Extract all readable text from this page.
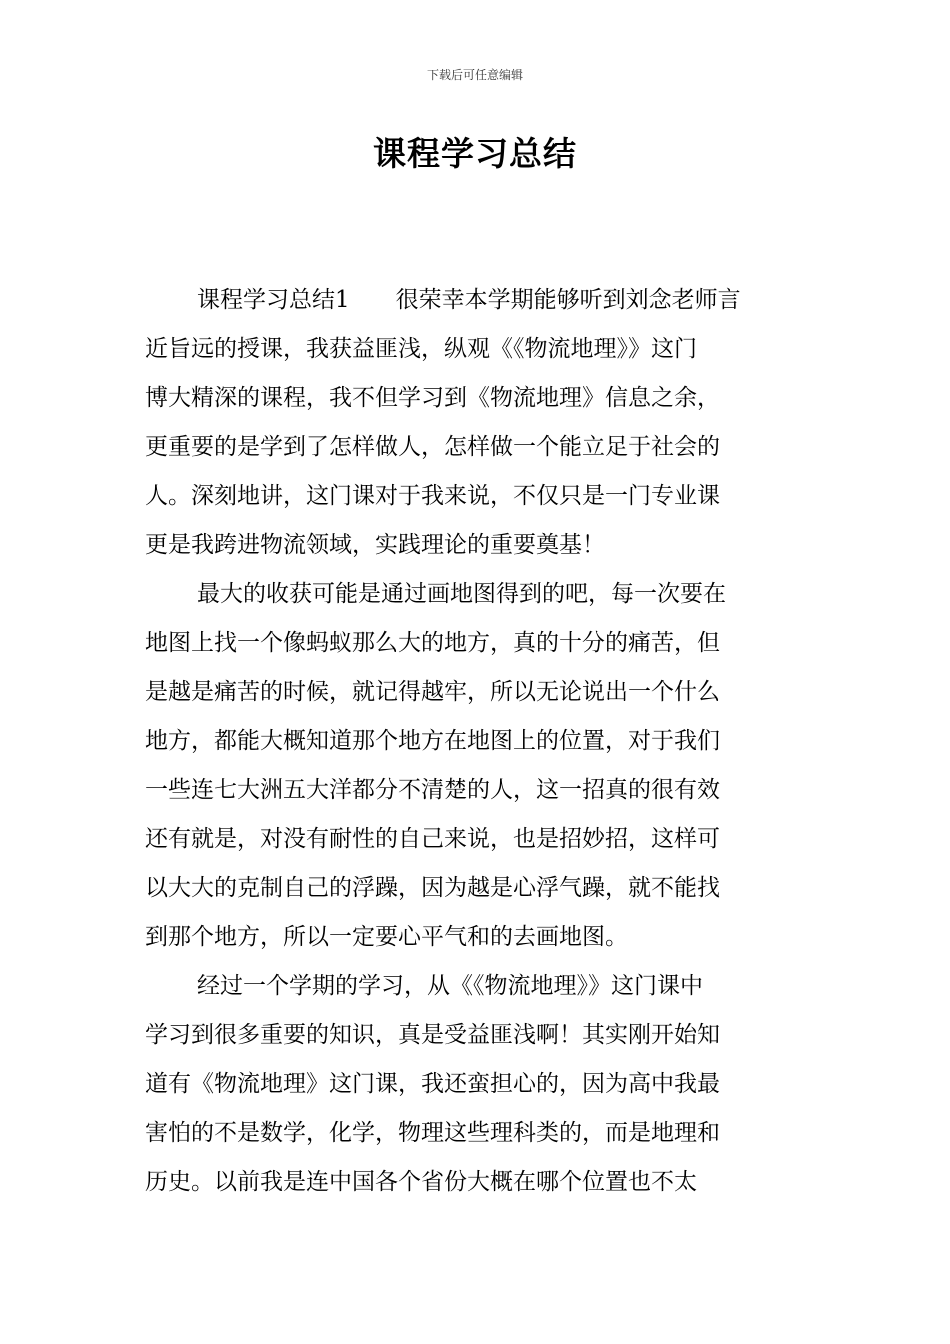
下载后可任意编辑
课程学习总结
课程学习总结1　　很荣幸本学期能够听到刘念老师言
近旨远的授课，我获益匪浅，纵观《《物流地理》》这门
博大精深的课程，我不但学习到《物流地理》信息之余，
更重要的是学到了怎样做人，怎样做一个能立足于社会的
人。深刻地讲，这门课对于我来说，不仅只是一门专业课
更是我跨进物流领域，实践理论的重要奠基！
最大的收获可能是通过画地图得到的吧，每一次要在
地图上找一个像蚂蚁那么大的地方，真的十分的痛苦，但
是越是痛苦的时候，就记得越牢，所以无论说出一个什么
地方，都能大概知道那个地方在地图上的位置，对于我们
一些连七大洲五大洋都分不清楚的人，这一招真的很有效
还有就是，对没有耐性的自己来说，也是招妙招，这样可
以大大的克制自己的浮躁，因为越是心浮气躁，就不能找
到那个地方，所以一定要心平气和的去画地图。
经过一个学期的学习，从《《物流地理》》这门课中
学习到很多重要的知识，真是受益匪浅啊！其实刚开始知
道有《物流地理》这门课，我还蛮担心的，因为高中我最
害怕的不是数学，化学，物理这些理科类的，而是地理和
历史。以前我是连中国各个省份大概在哪个位置也不太
